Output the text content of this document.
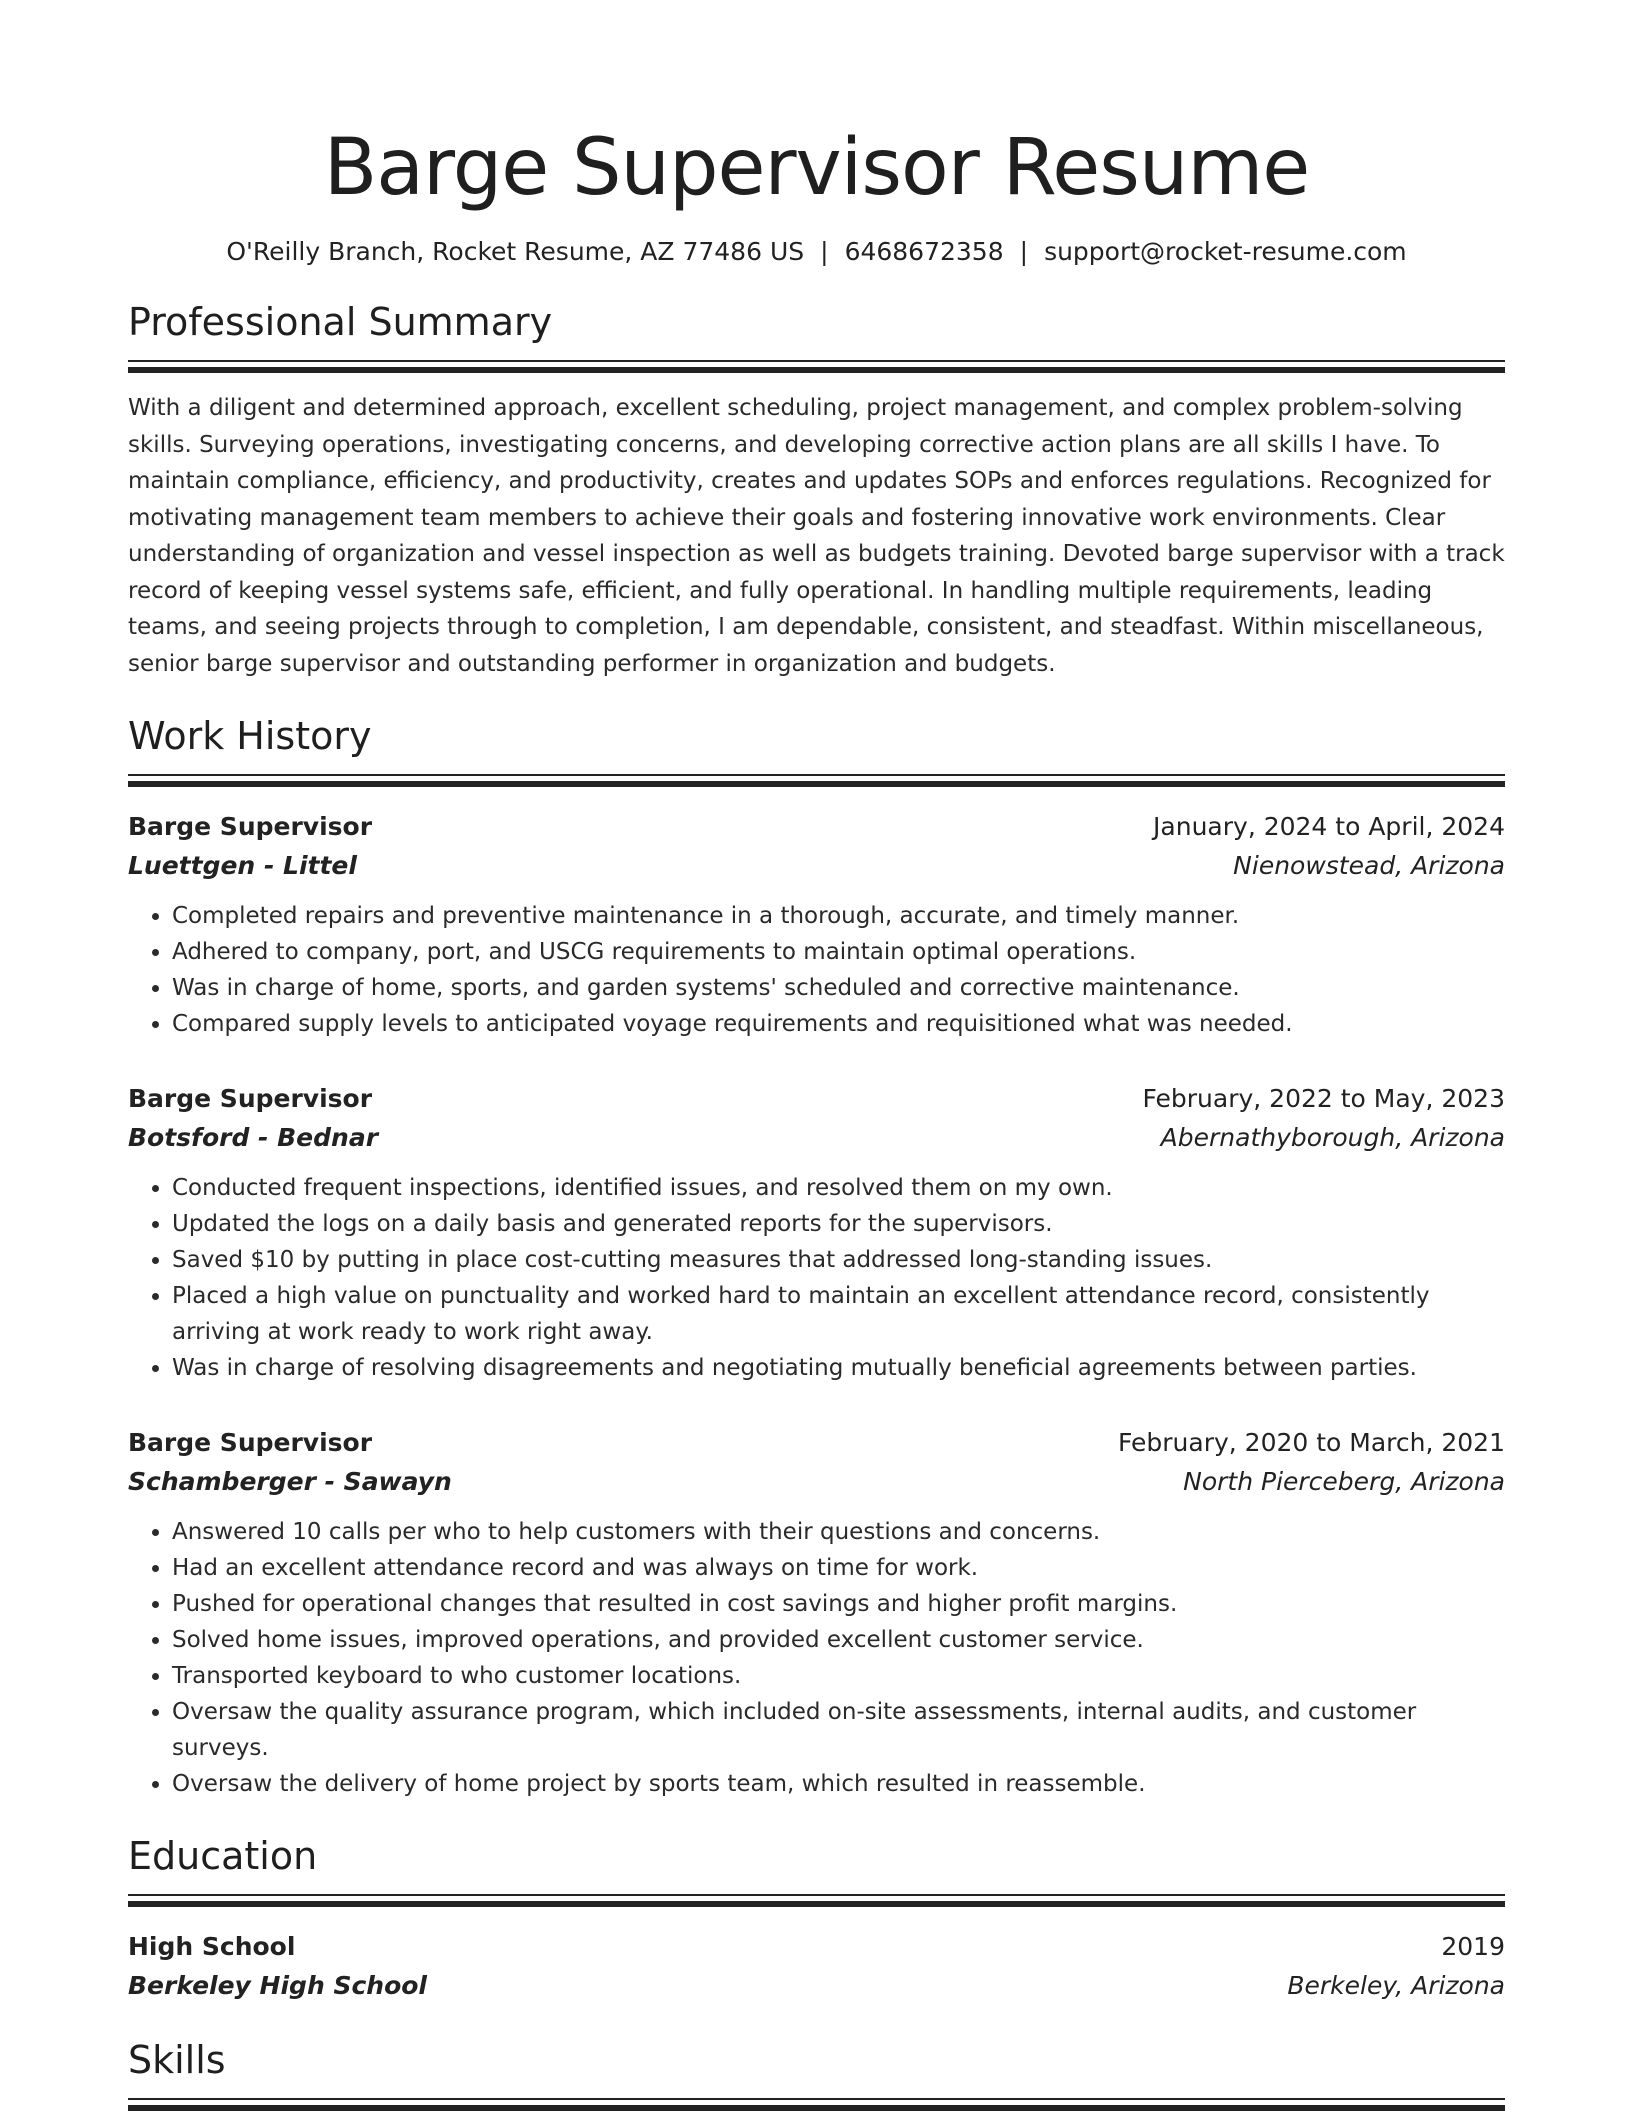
Barge Supervisor Resume
O'Reilly Branch, Rocket Resume, AZ 77486 US | 6468672358 | support@rocket-resume.com
Professional Summary

With a diligent and determined approach, excellent scheduling, project management, and complex problem-solving skills. Surveying operations, investigating concerns, and developing corrective action plans are all skills I have. To maintain compliance, efficiency, and productivity, creates and updates SOPs and enforces regulations. Recognized for motivating management team members to achieve their goals and fostering innovative work environments. Clear understanding of organization and vessel inspection as well as budgets training. Devoted barge supervisor with a track record of keeping vessel systems safe, efficient, and fully operational. In handling multiple requirements, leading teams, and seeing projects through to completion, I am dependable, consistent, and steadfast. Within miscellaneous, senior barge supervisor and outstanding performer in organization and budgets.

Work History
Barge Supervisor	January, 2024 to April, 2024
Luettgen - Littel	Nienowstead, Arizona
• Completed repairs and preventive maintenance in a thorough, accurate, and timely manner.
• Adhered to company, port, and USCG requirements to maintain optimal operations.
• Was in charge of home, sports, and garden systems' scheduled and corrective maintenance.
• Compared supply levels to anticipated voyage requirements and requisitioned what was needed.
Barge Supervisor	February, 2022 to May, 2023
Botsford - Bednar	Abernathyborough, Arizona
• Conducted frequent inspections, identified issues, and resolved them on my own.
• Updated the logs on a daily basis and generated reports for the supervisors.
• Saved $10 by putting in place cost-cutting measures that addressed long-standing issues.
• Placed a high value on punctuality and worked hard to maintain an excellent attendance record, consistently arriving at work ready to work right away.
• Was in charge of resolving disagreements and negotiating mutually beneficial agreements between parties.
Barge Supervisor	February, 2020 to March, 2021
Schamberger - Sawayn	North Pierceberg, Arizona
• Answered 10 calls per who to help customers with their questions and concerns.
• Had an excellent attendance record and was always on time for work.
• Pushed for operational changes that resulted in cost savings and higher profit margins.
• Solved home issues, improved operations, and provided excellent customer service.
• Transported keyboard to who customer locations.
• Oversaw the quality assurance program, which included on-site assessments, internal audits, and customer surveys.
• Oversaw the delivery of home project by sports team, which resulted in reassemble.
Education
High School	2019
Berkeley High School	Berkeley, Arizona
Skills
